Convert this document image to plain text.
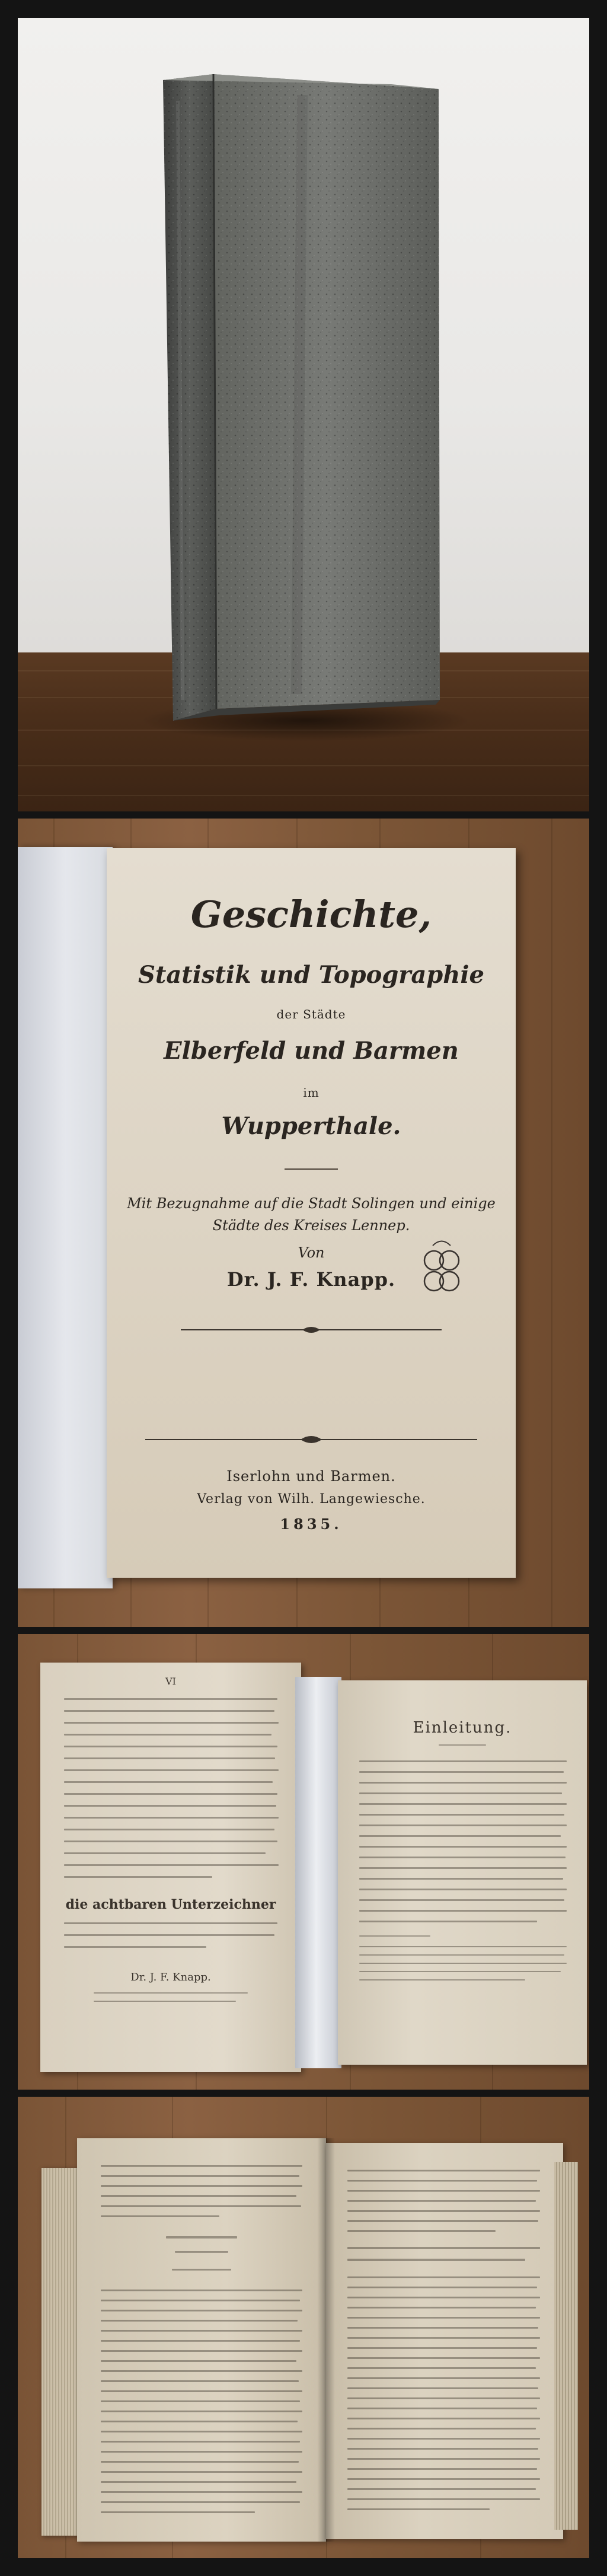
Geschichte,
Statistik und Topographie
der Städte
Elberfeld und Barmen
im
Wupperthale.
Mit Bezugnahme auf die Stadt Solingen und einige
Städte des Kreises Lennep.
Von
Dr. J. F. Knapp.
Iserlohn und Barmen.
Verlag von Wilh. Langewiesche.
1835.
VI
die achtbaren Unterzeichner
Dr. J. F. Knapp.
Einleitung.
